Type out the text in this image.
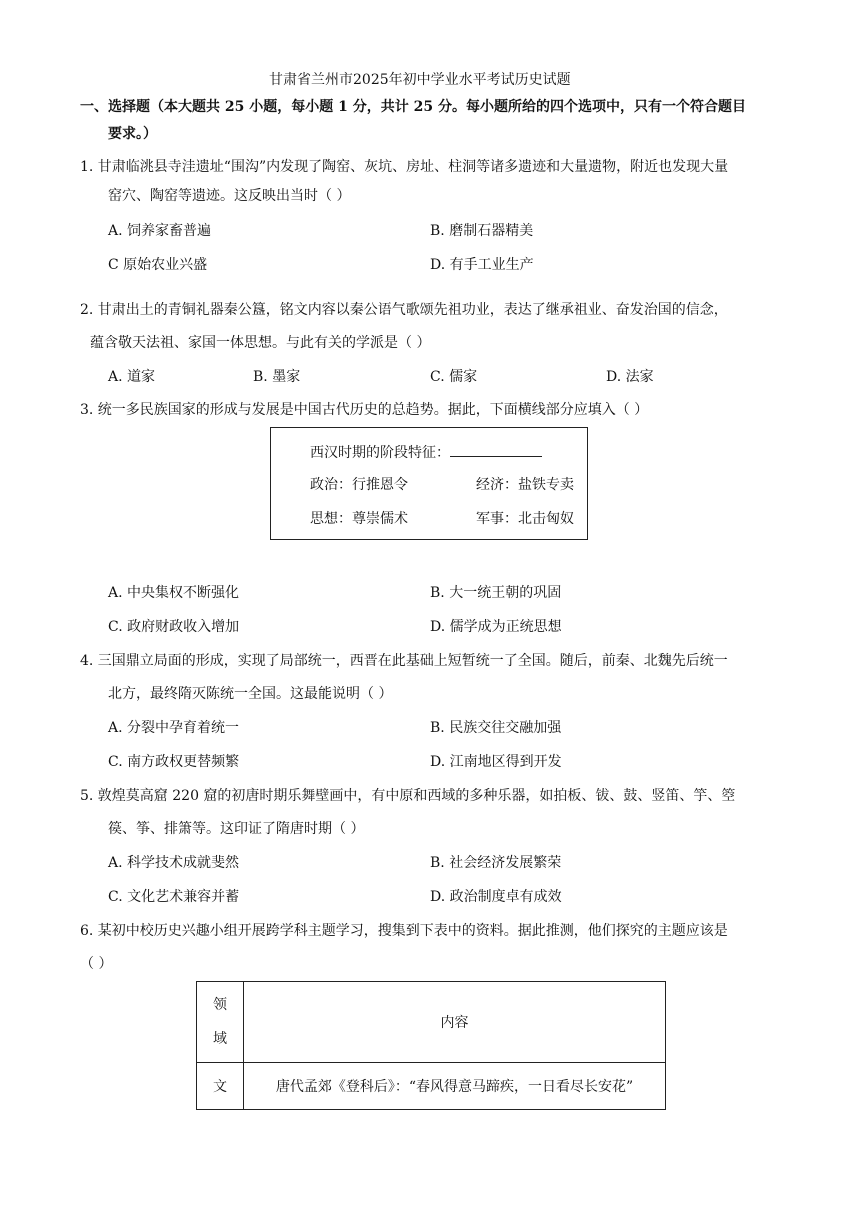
甘肃省兰州市2025年初中学业水平考试历史试题
一、选择题（本大题共 25 小题，每小题 1 分，共计 25 分。每小题所给的四个选项中，只有一个符合题目
要求。）
1. 甘肃临洮县寺洼遗址“围沟”内发现了陶窑、灰坑、房址、柱洞等诸多遗迹和大量遗物，附近也发现大量
窑穴、陶窑等遗迹。这反映出当时（ ）
A. 饲养家畜普遍	B. 磨制石器精美
C 原始农业兴盛	D. 有手工业生产
2. 甘肃出土的青铜礼器秦公簋，铭文内容以秦公语气歌颂先祖功业，表达了继承祖业、奋发治国的信念，
蕴含敬天法祖、家国一体思想。与此有关的学派是（ ）
A. 道家	B. 墨家	C. 儒家	D. 法家
3. 统一多民族国家的形成与发展是中国古代历史的总趋势。据此，下面横线部分应填入（ ）
西汉时期的阶段特征：
政治：行推恩令	经济：盐铁专卖
思想：尊崇儒术	军事：北击匈奴
A. 中央集权不断强化	B. 大一统王朝的巩固
C. 政府财政收入增加	D. 儒学成为正统思想
4. 三国鼎立局面的形成，实现了局部统一，西晋在此基础上短暂统一了全国。随后，前秦、北魏先后统一
北方，最终隋灭陈统一全国。这最能说明（ ）
A. 分裂中孕育着统一	B. 民族交往交融加强
C. 南方政权更替频繁	D. 江南地区得到开发
5. 敦煌莫高窟 220 窟的初唐时期乐舞壁画中，有中原和西域的多种乐器，如拍板、钹、鼓、竖笛、竽、箜
篌、筝、排箫等。这印证了隋唐时期（ ）
A. 科学技术成就斐然	B. 社会经济发展繁荣
C. 文化艺术兼容并蓄	D. 政治制度卓有成效
6. 某初中校历史兴趣小组开展跨学科主题学习，搜集到下表中的资料。据此推测，他们探究的主题应该是
（ ）
领
域	内容
文	唐代孟郊《登科后》：“春风得意马蹄疾，一日看尽长安花”
